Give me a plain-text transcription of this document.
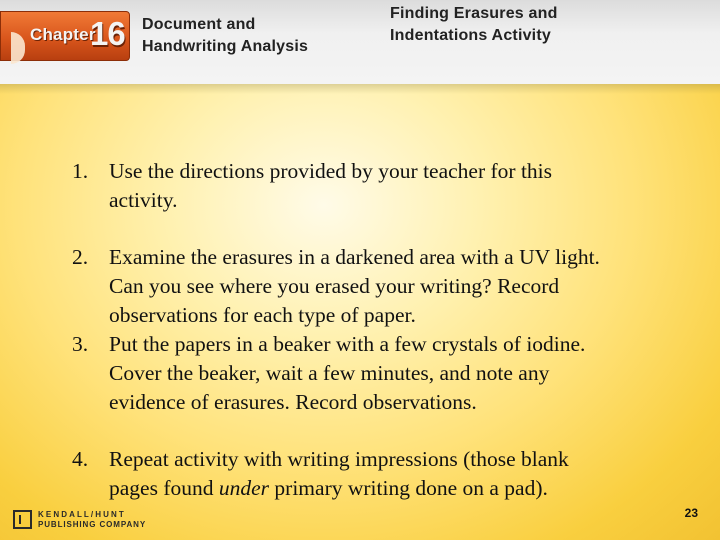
Chapter
16 Document and
Handwriting Analysis
Finding Erasures and
Indentations Activity
1. Use the directions provided by your teacher for this
activity.
2. Examine the erasures in a darkened area with a UV light.
Can you see where you erased your writing? Record
observations for each type of paper.
3. Put the papers in a beaker with a few crystals of iodine.
Cover the beaker, wait a few minutes, and note any
evidence of erasures. Record observations.
4. Repeat activity with writing impressions (those blank
pages found under primary writing done on a pad).
KENDALL/HUNT
PUBLISHING COMPANY
23
